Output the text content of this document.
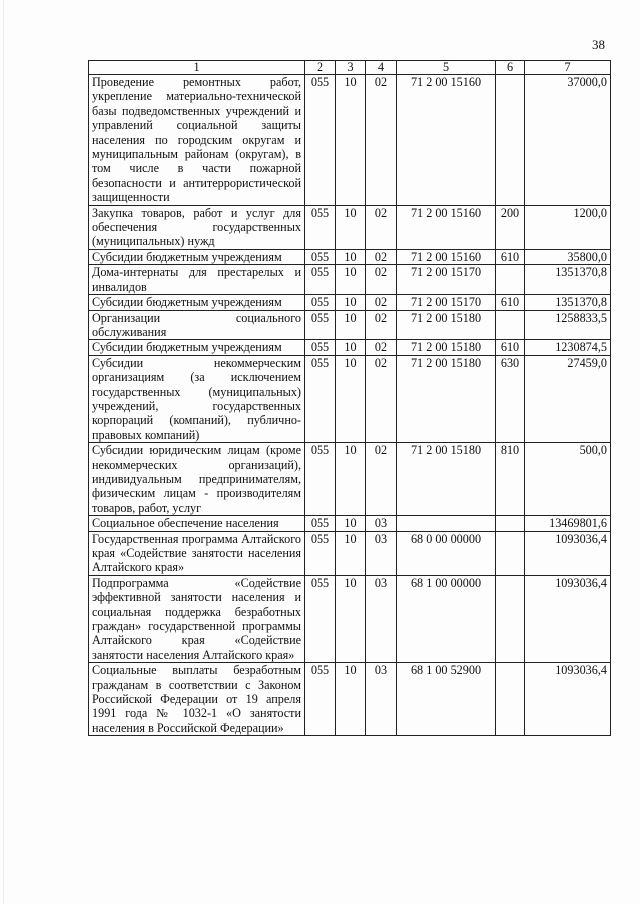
38
1	2	3	4	5	6	7
Проведение ремонтных работ, укрепление материально-технической базы подведомственных учреждений и управлений социальной защиты населения по городским округам и муниципальным районам (округам), в том числе в части пожарной безопасности и антитеррористической защищенности	055	10	02	71 2 00 15160		37000,0
Закупка товаров, работ и услуг для обеспечения государственных (муниципальных) нужд	055	10	02	71 2 00 15160	200	1200,0
Субсидии бюджетным учреждениям	055	10	02	71 2 00 15160	610	35800,0
Дома-интернаты для престарелых и инвалидов	055	10	02	71 2 00 15170		1351370,8
Субсидии бюджетным учреждениям	055	10	02	71 2 00 15170	610	1351370,8
Организации социального обслуживания	055	10	02	71 2 00 15180		1258833,5
Субсидии бюджетным учреждениям	055	10	02	71 2 00 15180	610	1230874,5
Субсидии некоммерческим организациям (за исключением государственных (муниципальных) учреждений, государственных корпораций (компаний), публично-правовых компаний)	055	10	02	71 2 00 15180	630	27459,0
Субсидии юридическим лицам (кроме некоммерческих организаций), индивидуальным предпринимателям, физическим лицам - производителям товаров, работ, услуг	055	10	02	71 2 00 15180	810	500,0
Социальное обеспечение населения	055	10	03			13469801,6
Государственная программа Алтайского края «Содействие занятости населения Алтайского края»	055	10	03	68 0 00 00000		1093036,4
Подпрограмма «Содействие эффективной занятости населения и социальная поддержка безработных граждан» государственной программы Алтайского края «Содействие занятости населения Алтайского края»	055	10	03	68 1 00 00000		1093036,4
Социальные выплаты безработным гражданам в соответствии с Законом Российской Федерации от 19 апреля 1991 года № 1032-1 «О занятости населения в Российской Федерации»	055	10	03	68 1 00 52900		1093036,4
